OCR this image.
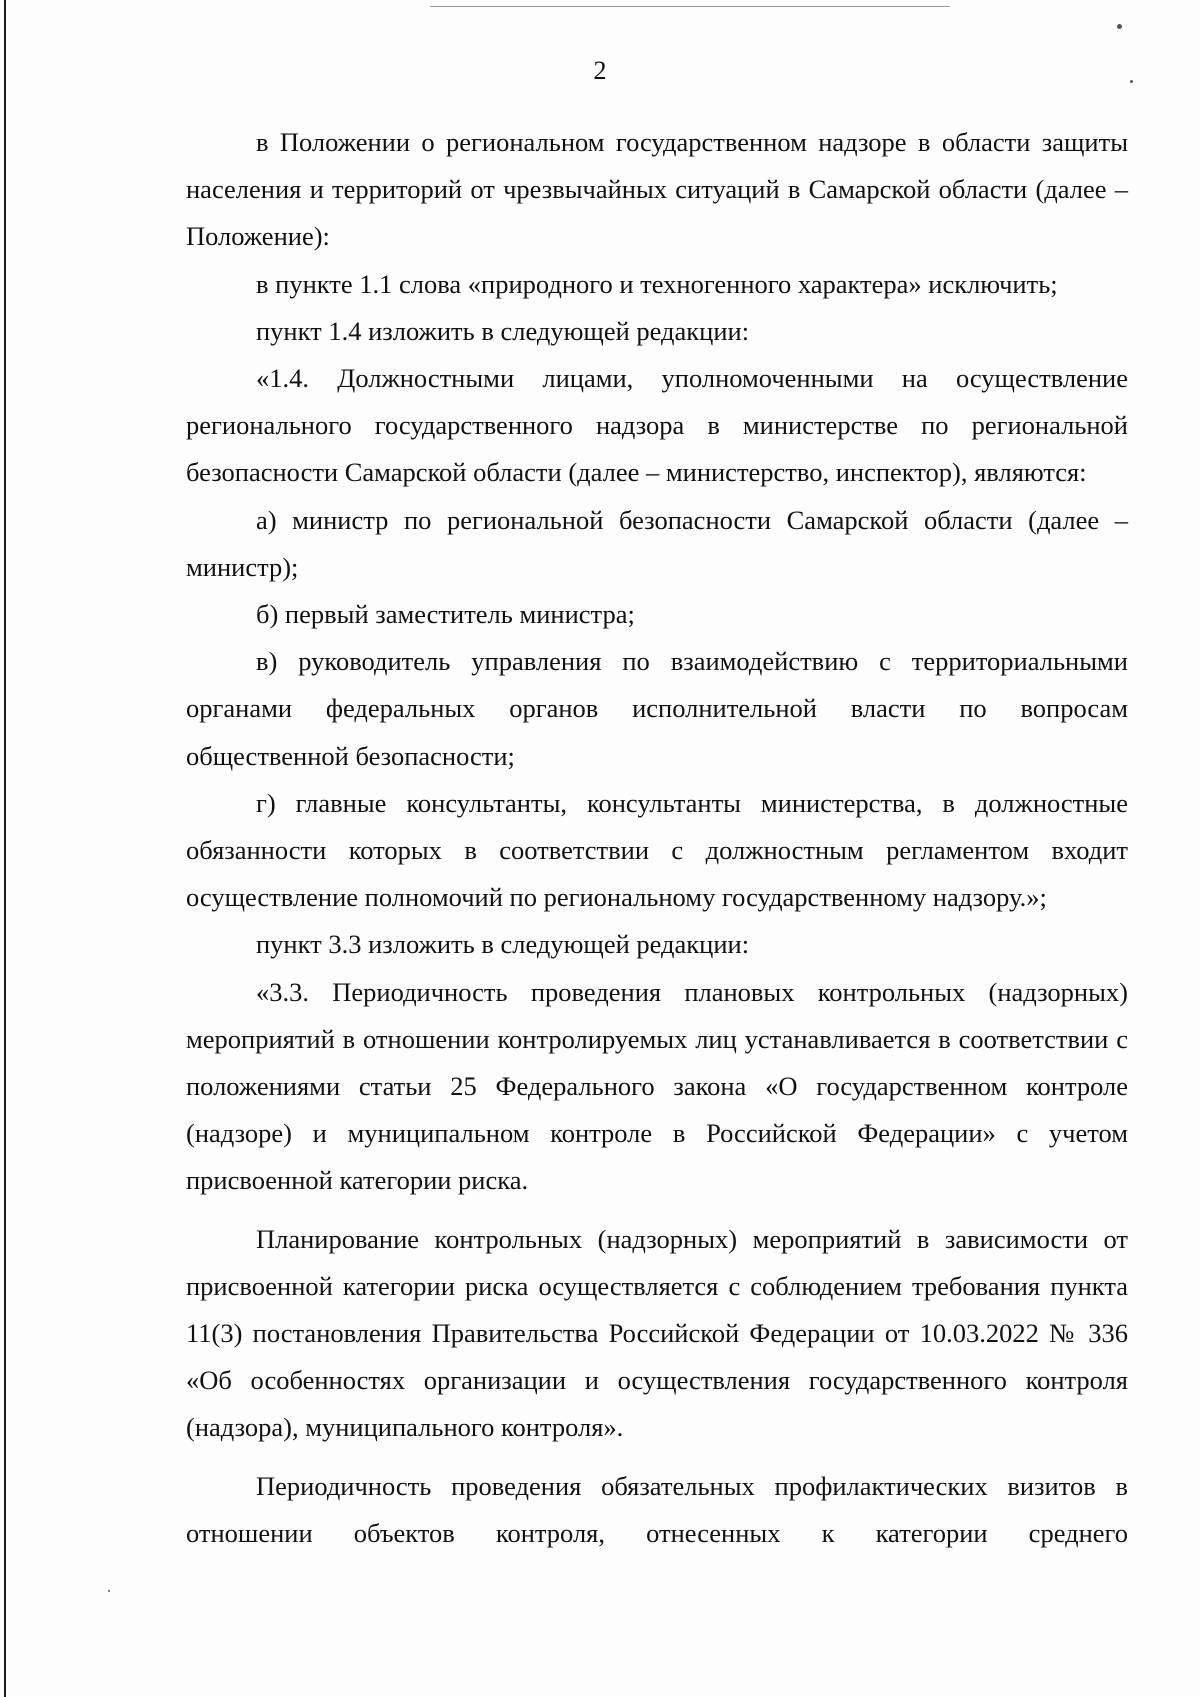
2

в Положении о региональном государственном надзоре в области защиты населения и территорий от чрезвычайных ситуаций в Самарской области (далее – Положение):

в пункте 1.1 слова «природного и техногенного характера» исключить;

пункт 1.4 изложить в следующей редакции:

«1.4. Должностными лицами, уполномоченными на осуществление регионального государственного надзора в министерстве по региональной безопасности Самарской области (далее – министерство, инспектор), являются:

а) министр по региональной безопасности Самарской области (далее – министр);

б) первый заместитель министра;

в) руководитель управления по взаимодействию с территориальными органами федеральных органов исполнительной власти по вопросам общественной безопасности;

г) главные консультанты, консультанты министерства, в должностные обязанности которых в соответствии с должностным регламентом входит осуществление полномочий по региональному государственному надзору.»;

пункт 3.3 изложить в следующей редакции:

«3.3. Периодичность проведения плановых контрольных (надзорных) мероприятий в отношении контролируемых лиц устанавливается в соответствии с положениями статьи 25 Федерального закона «О государственном контроле (надзоре) и муниципальном контроле в Российской Федерации» с учетом присвоенной категории риска.

Планирование контрольных (надзорных) мероприятий в зависимости от присвоенной категории риска осуществляется с соблюдением требования пункта 11(3) постановления Правительства Российской Федерации от 10.03.2022 № 336 «Об особенностях организации и осуществления государственного контроля (надзора), муниципального контроля».

Периодичность проведения обязательных профилактических визитов в отношении объектов контроля, отнесенных к категории среднего
